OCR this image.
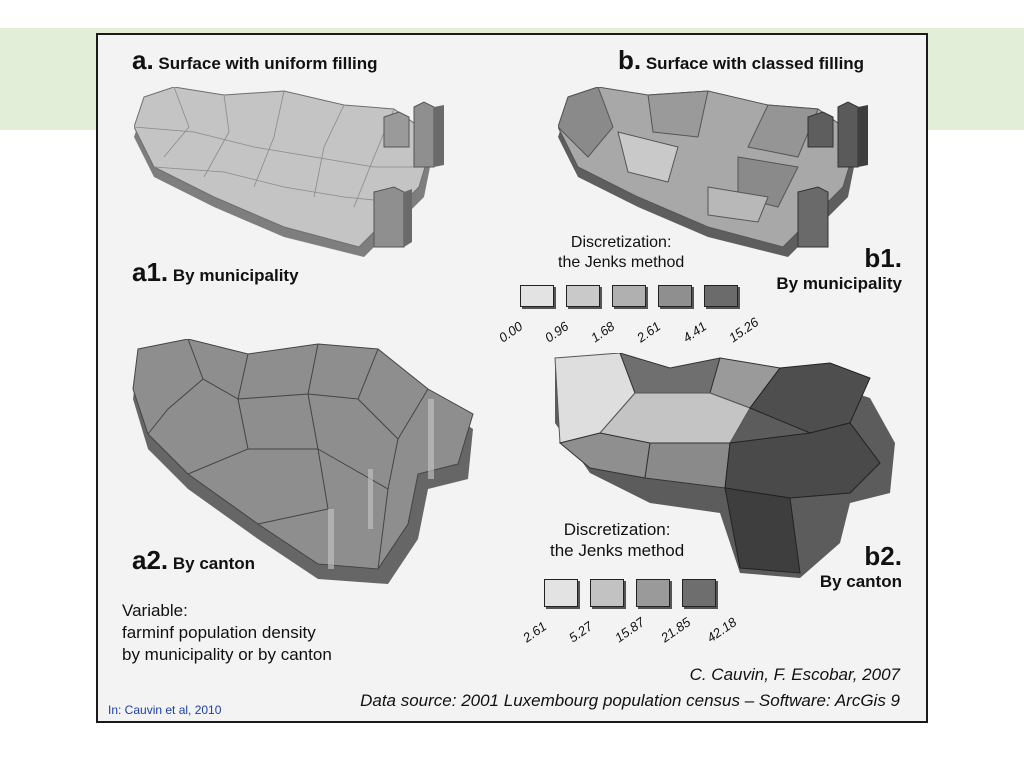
a. Surface with uniform filling	b. Surface with classed filling
a1. By municipality
Discretization:
the Jenks method	b1.
By municipality
0.00 0.96 1.68 2.61 4.41 15.26
a2. By canton
Discretization:
the Jenks method	b2.
By canton
2.61 5.27 15.87 21.85 42.18
Variable:
farminf population density
by municipality or by canton
C. Cauvin, F. Escobar, 2007
Data source: 2001 Luxembourg population census – Software: ArcGis 9
In: Cauvin et al, 2010
